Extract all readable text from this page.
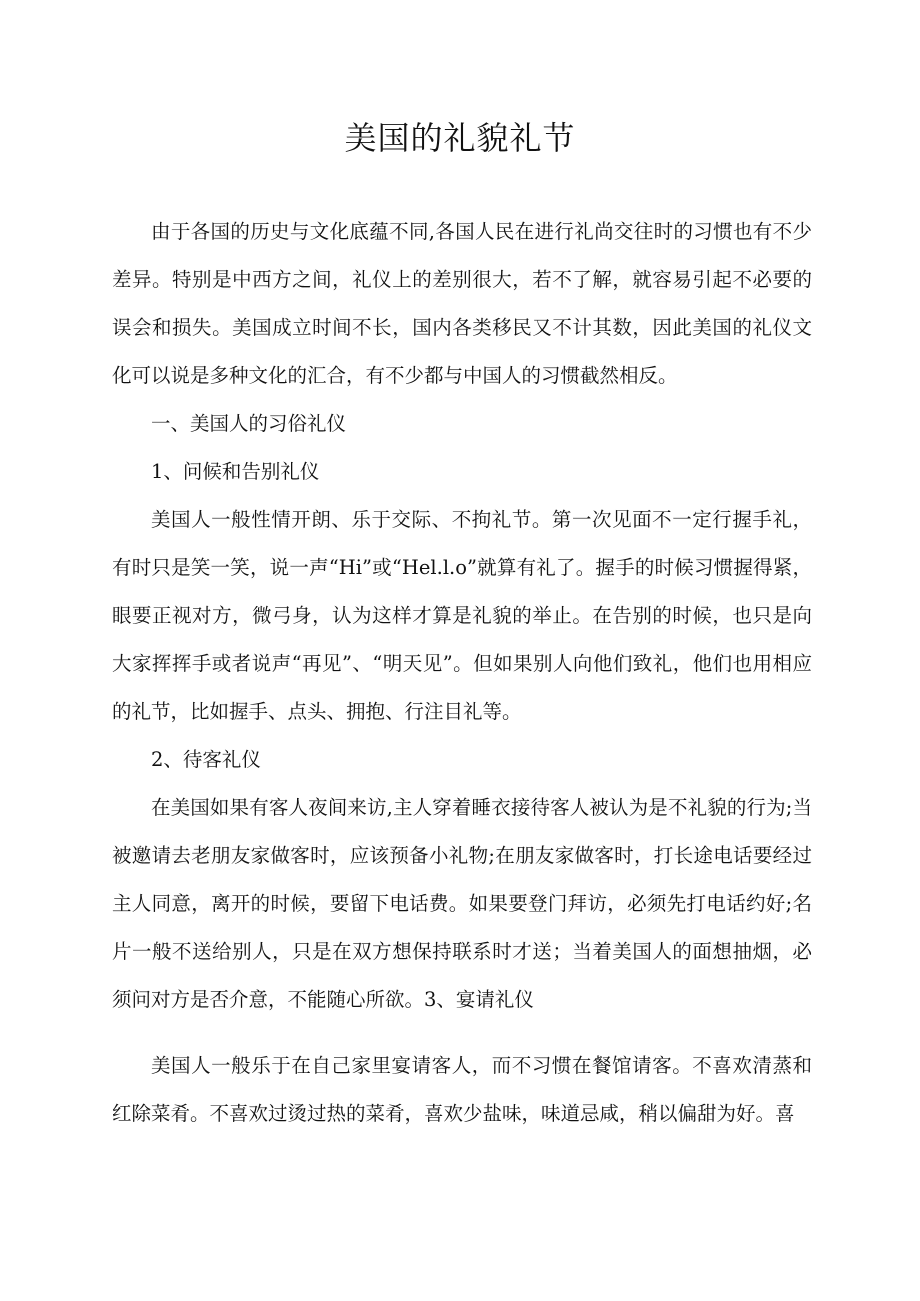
美国的礼貌礼节

由于各国的历史与文化底蕴不同,各国人民在进行礼尚交往时的习惯也有不少差异。特别是中西方之间，礼仪上的差别很大，若不了解，就容易引起不必要的误会和损失。美国成立时间不长，国内各类移民又不计其数，因此美国的礼仪文化可以说是多种文化的汇合，有不少都与中国人的习惯截然相反。

一、美国人的习俗礼仪

1、问候和告别礼仪

美国人一般性情开朗、乐于交际、不拘礼节。第一次见面不一定行握手礼，有时只是笑一笑，说一声“Hi”或“Hel.l.o”就算有礼了。握手的时候习惯握得紧，眼要正视对方，微弓身，认为这样才算是礼貌的举止。在告别的时候，也只是向大家挥挥手或者说声“再见”、“明天见”。但如果别人向他们致礼，他们也用相应的礼节，比如握手、点头、拥抱、行注目礼等。

2、待客礼仪

在美国如果有客人夜间来访,主人穿着睡衣接待客人被认为是不礼貌的行为;当被邀请去老朋友家做客时，应该预备小礼物;在朋友家做客时，打长途电话要经过主人同意，离开的时候，要留下电话费。如果要登门拜访，必须先打电话约好;名片一般不送给别人，只是在双方想保持联系时才送；当着美国人的面想抽烟，必须问对方是否介意，不能随心所欲。3、宴请礼仪

美国人一般乐于在自己家里宴请客人，而不习惯在餐馆请客。不喜欢清蒸和红除菜肴。不喜欢过烫过热的菜肴，喜欢少盐味，味道忌咸，稍以偏甜为好。喜
